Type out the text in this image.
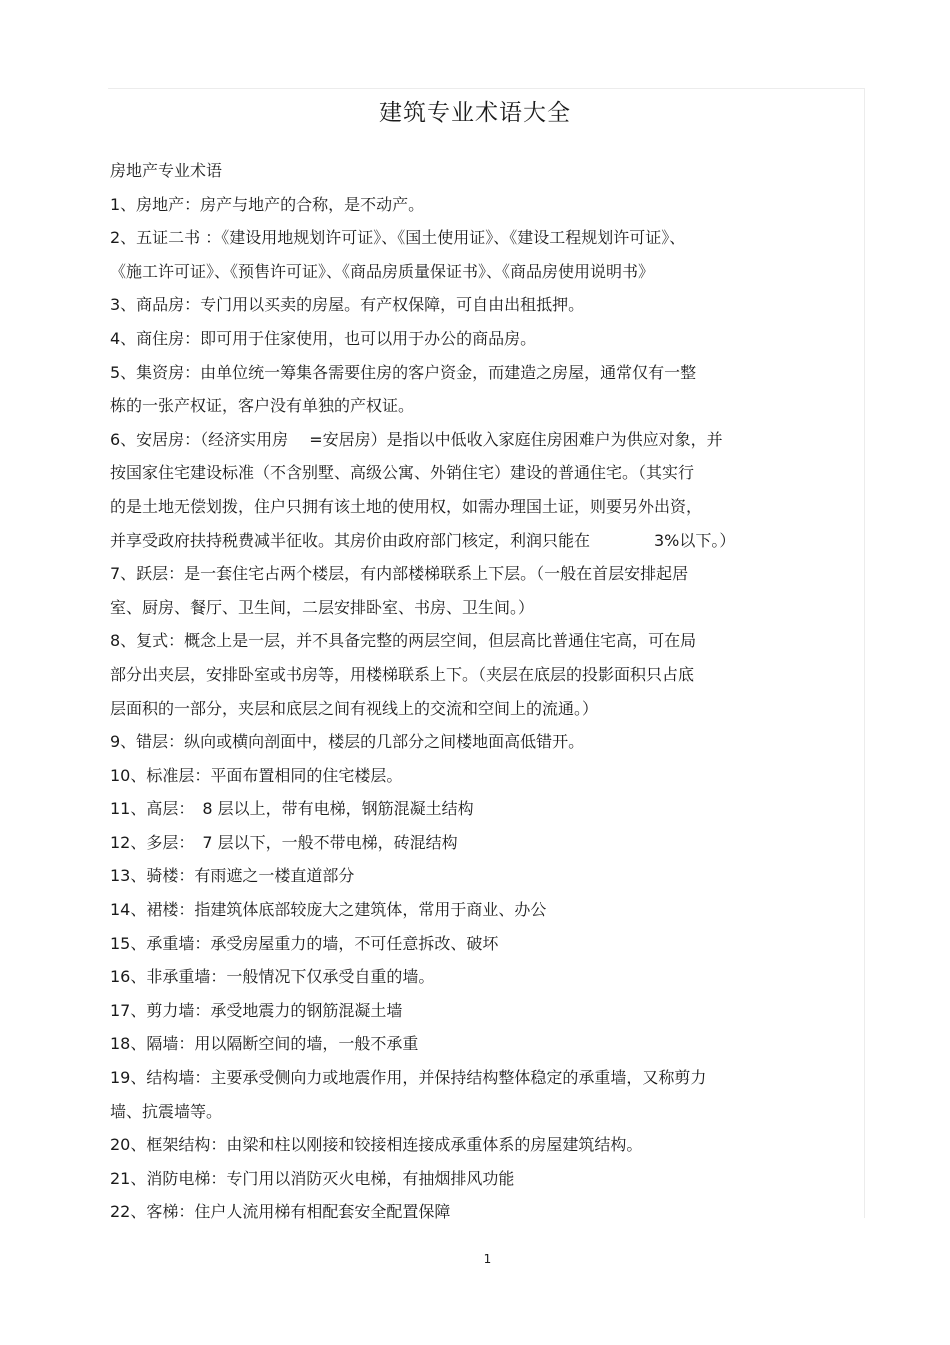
建筑专业术语大全
房地产专业术语
1、房地产：房产与地产的合称，是不动产。
2、五证二书 ：《建设用地规划许可证》、《国土使用证》、《建设工程规划许可证》、
《施工许可证》、《预售许可证》、《商品房质量保证书》、《商品房使用说明书》
3、商品房：专门用以买卖的房屋。有产权保障，可自由出租抵押。
4、商住房：即可用于住家使用，也可以用于办公的商品房。
5、集资房：由单位统一筹集各需要住房的客户资金，而建造之房屋，通常仅有一整
栋的一张产权证，客户没有单独的产权证。
6、安居房：（经济实用房　 =安居房）是指以中低收入家庭住房困难户为供应对象，并
按国家住宅建设标准（不含别墅、高级公寓、外销住宅）建设的普通住宅。（其实行
的是土地无偿划拨，住户只拥有该土地的使用权，如需办理国土证，则要另外出资，
并享受政府扶持税费减半征收。其房价由政府部门核定，利润只能在　　　　3%以下。）
7、跃层：是一套住宅占两个楼层，有内部楼梯联系上下层。（一般在首层安排起居
室、厨房、餐厅、卫生间，二层安排卧室、书房、卫生间。）
8、复式：概念上是一层，并不具备完整的两层空间，但层高比普通住宅高，可在局
部分出夹层，安排卧室或书房等，用楼梯联系上下。（夹层在底层的投影面积只占底
层面积的一部分，夹层和底层之间有视线上的交流和空间上的流通。）
9、错层：纵向或横向剖面中，楼层的几部分之间楼地面高低错开。
10、标准层：平面布置相同的住宅楼层。
11、高层：　8 层以上，带有电梯，钢筋混凝土结构
12、多层：　7 层以下，一般不带电梯，砖混结构
13、骑楼：有雨遮之一楼直道部分
14、裙楼：指建筑体底部较庞大之建筑体，常用于商业、办公
15、承重墙：承受房屋重力的墙，不可任意拆改、破坏
16、非承重墙：一般情况下仅承受自重的墙。
17、剪力墙：承受地震力的钢筋混凝土墙
18、隔墙：用以隔断空间的墙，一般不承重
19、结构墙：主要承受侧向力或地震作用，并保持结构整体稳定的承重墙，又称剪力
墙、抗震墙等。
20、框架结构：由梁和柱以刚接和铰接相连接成承重体系的房屋建筑结构。
21、消防电梯：专门用以消防灭火电梯，有抽烟排风功能
22、客梯：住户人流用梯有相配套安全配置保障
1
